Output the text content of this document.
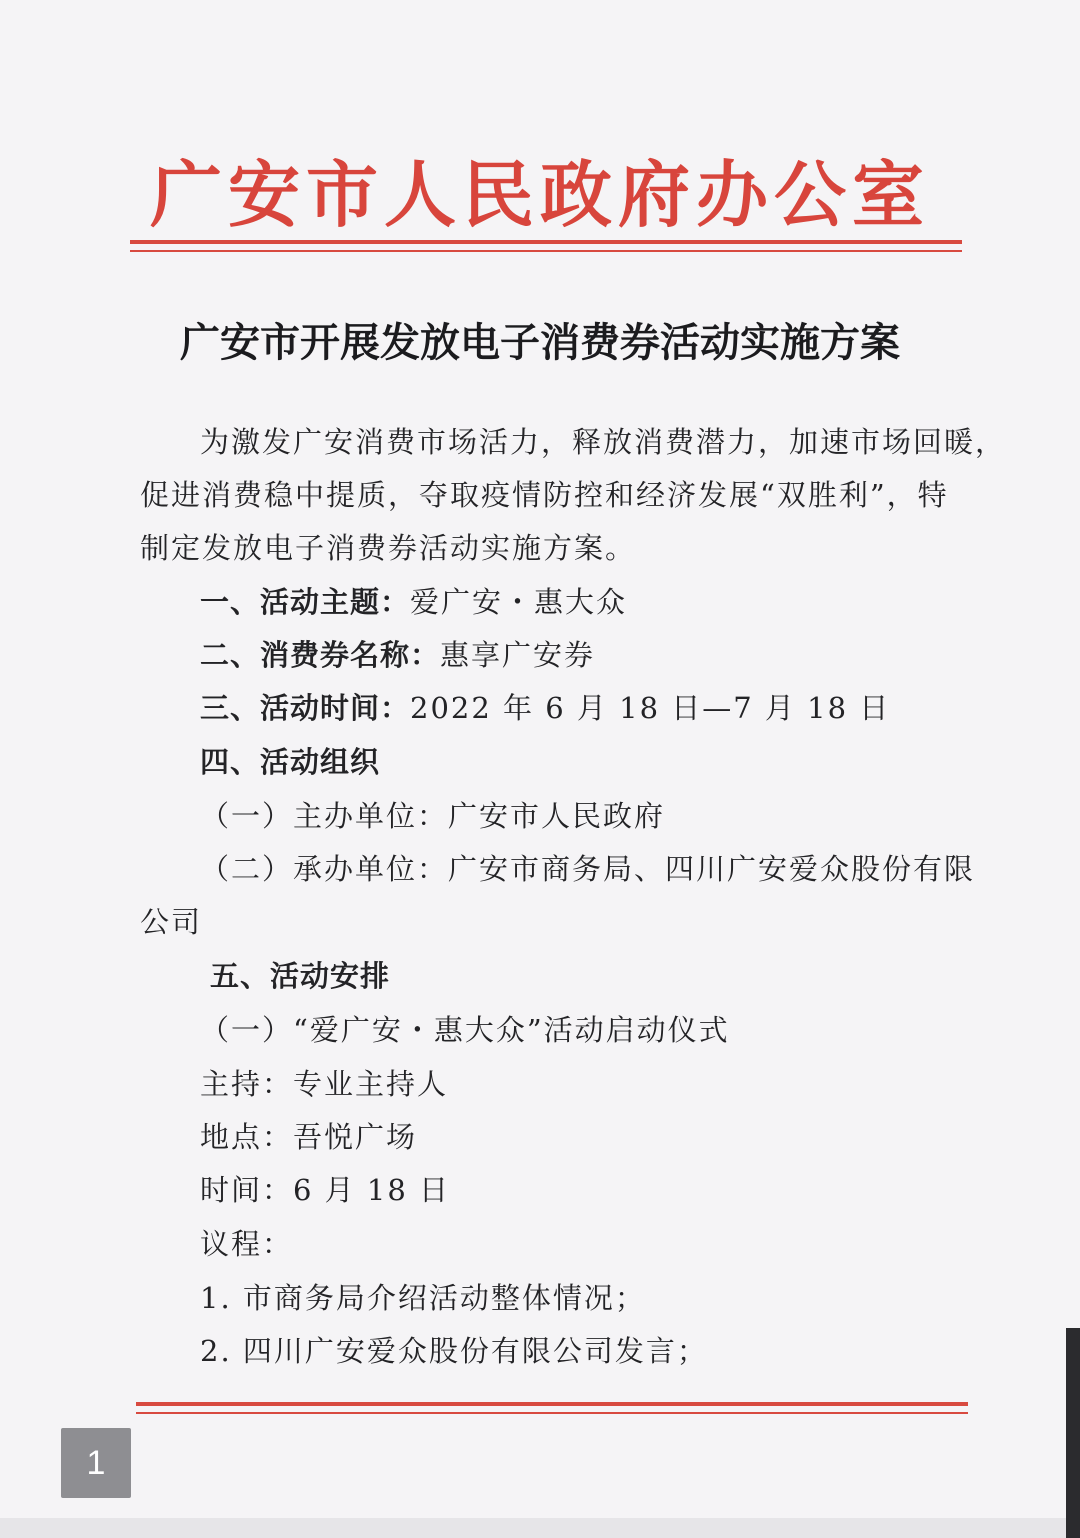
广安市人民政府办公室
广安市开展发放电子消费券活动实施方案
为激发广安消费市场活力，释放消费潜力，加速市场回暖，
促进消费稳中提质，夺取疫情防控和经济发展“双胜利”，特
制定发放电子消费券活动实施方案。
一、活动主题：爱广安・惠大众
二、消费券名称：惠享广安券
三、活动时间：2022 年 6 月 18 日—7 月 18 日
四、活动组织
（一）主办单位：广安市人民政府
（二）承办单位：广安市商务局、四川广安爱众股份有限
公司
五、活动安排
（一）“爱广安・惠大众”活动启动仪式
主持：专业主持人
地点：吾悦广场
时间：6 月 18 日
议程：
1. 市商务局介绍活动整体情况；
2. 四川广安爱众股份有限公司发言；
1
